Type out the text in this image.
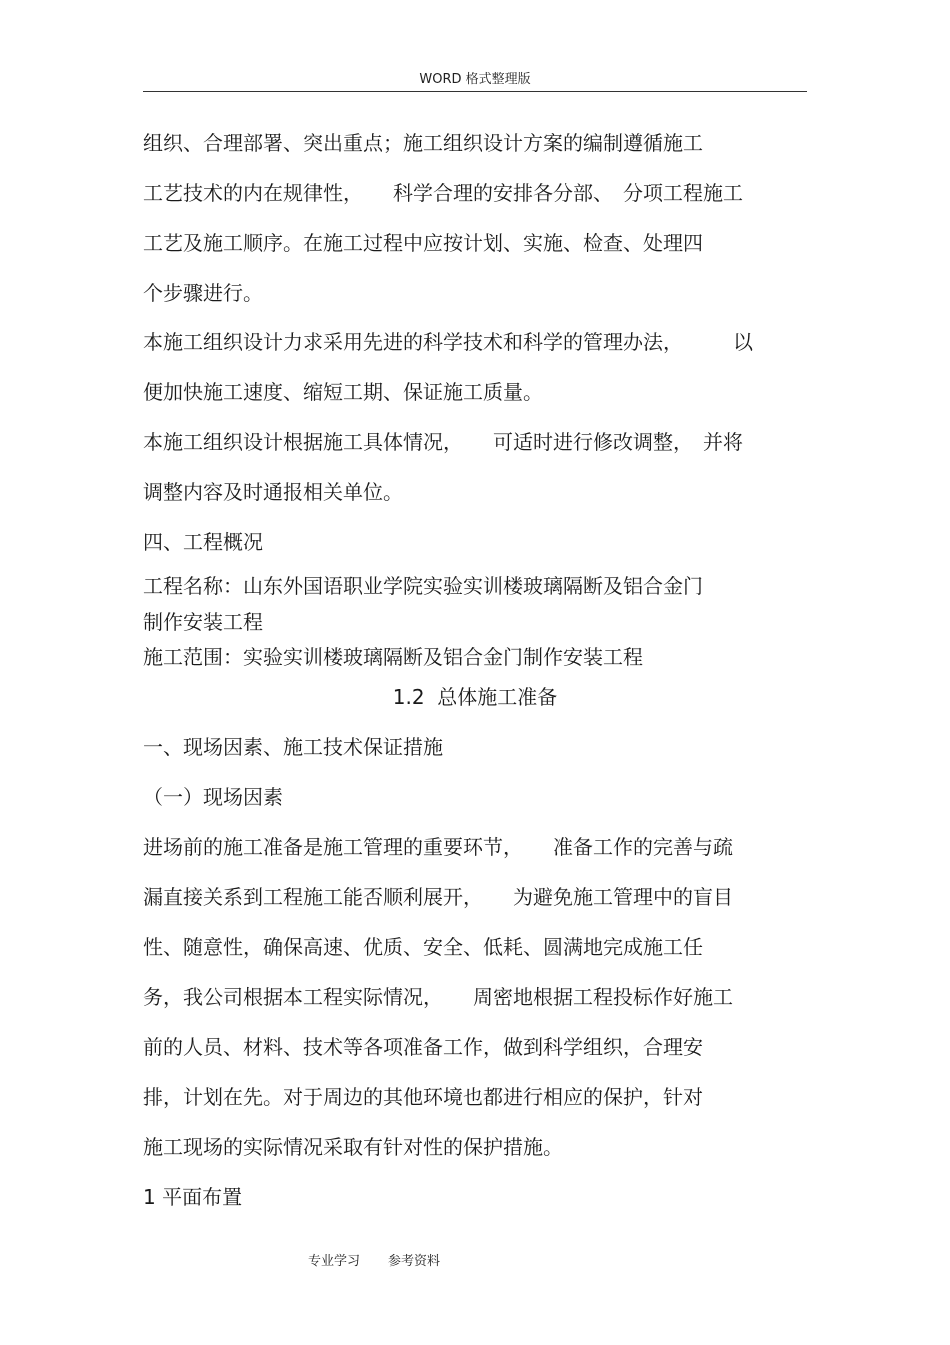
WORD 格式整理版
组织、合理部署、突出重点；施工组织设计方案的编制遵循施工
工艺技术的内在规律性，　　科学合理的安排各分部、　分项工程施工
工艺及施工顺序。在施工过程中应按计划、实施、检查、处理四
个步骤进行。
本施工组织设计力求采用先进的科学技术和科学的管理办法，　　　以
便加快施工速度、缩短工期、保证施工质量。
本施工组织设计根据施工具体情况，　　可适时进行修改调整，　并将
调整内容及时通报相关单位。
四、工程概况
工程名称：山东外国语职业学院实验实训楼玻璃隔断及铝合金门
制作安装工程
施工范围：实验实训楼玻璃隔断及铝合金门制作安装工程
1.2  总体施工准备
一、现场因素、施工技术保证措施
（一）现场因素
进场前的施工准备是施工管理的重要环节，　　准备工作的完善与疏
漏直接关系到工程施工能否顺利展开，　　为避免施工管理中的盲目
性、随意性，确保高速、优质、安全、低耗、圆满地完成施工任
务，我公司根据本工程实际情况，　　周密地根据工程投标作好施工
前的人员、材料、技术等各项准备工作，做到科学组织，合理安
排，计划在先。对于周边的其他环境也都进行相应的保护，针对
施工现场的实际情况采取有针对性的保护措施。
1 平面布置
专业学习 参考资料
